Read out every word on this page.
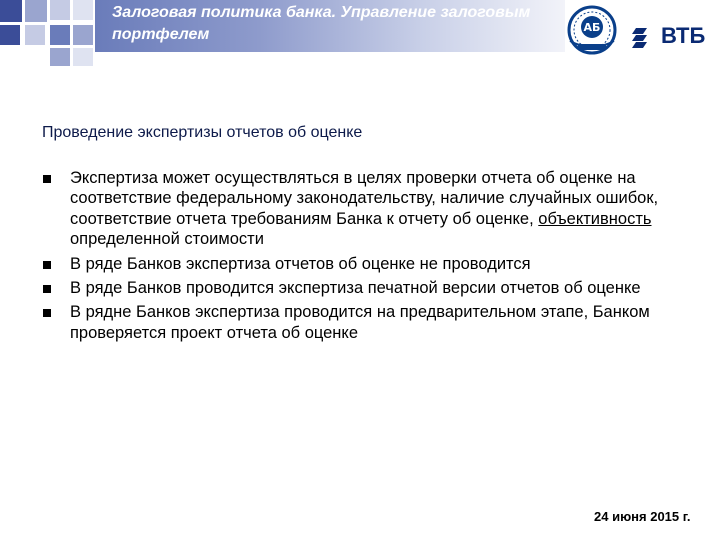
Залоговая политика банка. Управление залоговым портфелем	АБ	ВТБ
Проведение экспертизы отчетов об оценке
Экспертиза может осуществляться в целях проверки отчета об оценке на соответствие федеральному законодательству, наличие случайных ошибок, соответствие отчета требованиям Банка к отчету об оценке, объективность определенной стоимости
В ряде Банков экспертиза отчетов об оценке не проводится
В ряде Банков проводится экспертиза печатной версии отчетов об оценке
В рядне Банков экспертиза проводится на предварительном этапе, Банком проверяется проект отчета об оценке
24 июня 2015 г.
